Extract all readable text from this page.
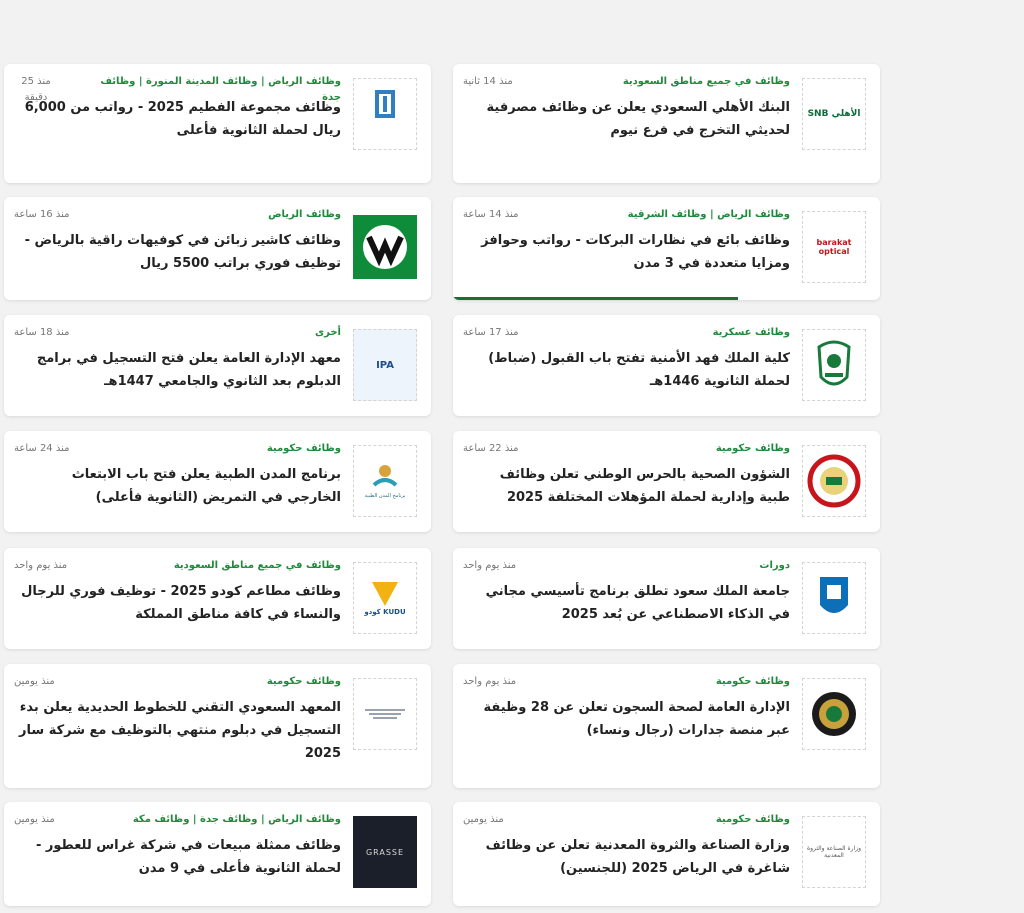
وظائف في جميع مناطق السعودية
منذ 14 ثانية
البنك الأهلي السعودي يعلن عن وظائف مصرفية لحديثي التخرج في فرع نيوم
SNB الأهلي
وظائف الرياض | وظائف المدينة المنورة | وظائف جدة
منذ 25 دقيقة
وظائف مجموعة الفطيم 2025 - رواتب من 6,000 ريال لحملة الثانوية فأعلى
وظائف الرياض | وظائف الشرقية
منذ 14 ساعة
وظائف بائع في نظارات البركات - رواتب وحوافز ومزايا متعددة في 3 مدن
barakat optical
وظائف الرياض
منذ 16 ساعة
وظائف كاشير زبائن في كوفيهات راقية بالرياض - توظيف فوري براتب 5500 ريال
وظائف عسكرية
منذ 17 ساعة
كلية الملك فهد الأمنية تفتح باب القبول (ضباط) لحملة الثانوية 1446هـ
أخرى
منذ 18 ساعة
معهد الإدارة العامة يعلن فتح التسجيل في برامج الدبلوم بعد الثانوي والجامعي 1447هـ
IPA
وظائف حكومية
منذ 22 ساعة
الشؤون الصحية بالحرس الوطني تعلن وظائف طبية وإدارية لحملة المؤهلات المختلفة 2025
وظائف حكومية
منذ 24 ساعة
برنامج المدن الطبية يعلن فتح باب الابتعاث الخارجي في التمريض (الثانوية فأعلى)	برنامج المدن الطبية
دورات
منذ يوم واحد
جامعة الملك سعود تطلق برنامج تأسيسي مجاني في الذكاء الاصطناعي عن بُعد 2025
وظائف في جميع مناطق السعودية
منذ يوم واحد
وظائف مطاعم كودو 2025 - توظيف فوري للرجال والنساء في كافة مناطق المملكة	كودو KUDU
وظائف حكومية
منذ يوم واحد
الإدارة العامة لصحة السجون تعلن عن 28 وظيفة عبر منصة جدارات (رجال ونساء)
وظائف حكومية
منذ يومين
المعهد السعودي التقني للخطوط الحديدية يعلن بدء التسجيل في دبلوم منتهي بالتوظيف مع شركة سار 2025
وظائف حكومية
منذ يومين
وزارة الصناعة والثروة المعدنية تعلن عن وظائف شاغرة في الرياض 2025 (للجنسين)
وزارة الصناعة والثروة المعدنية
وظائف الرياض | وظائف جدة | وظائف مكة
منذ يومين
وظائف ممثلة مبيعات في شركة غراس للعطور - لحملة الثانوية فأعلى في 9 مدن
GRASSE
